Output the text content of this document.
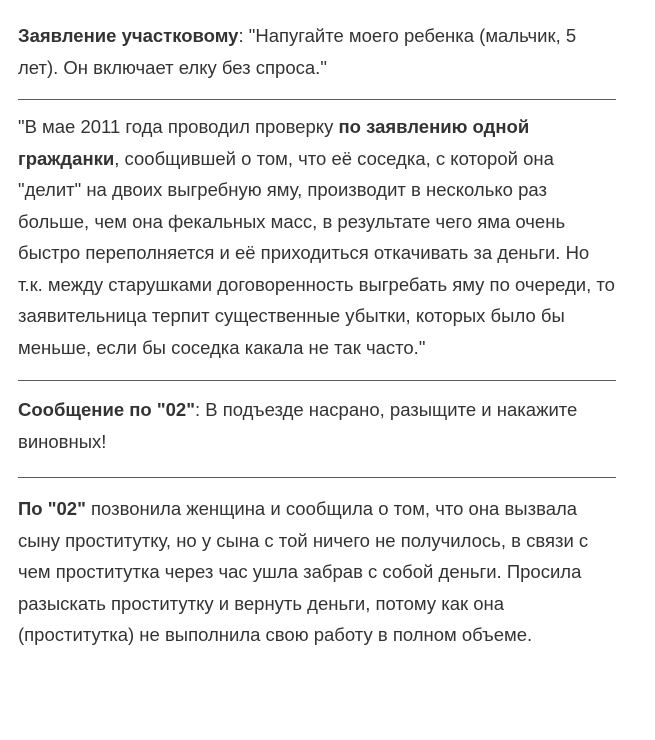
Заявление участковому: "Напугайте моего ребенка (мальчик, 5 лет). Он включает елку без спроса."

"В мае 2011 года проводил проверку по заявлению одной гражданки, сообщившей о том, что её соседка, с которой она "делит" на двоих выгребную яму, производит в несколько раз больше, чем она фекальных масс, в результате чего яма очень быстро переполняется и её приходиться откачивать за деньги. Но т.к. между старушками договоренность выгребать яму по очереди, то заявительница терпит существенные убытки, которых было бы меньше, если бы соседка какала не так часто."

Сообщение по "02": В подъезде насрано, разыщите и накажите виновных!

По "02" позвонила женщина и сообщила о том, что она вызвала сыну проститутку, но у сына с той ничего не получилось, в связи с чем проститутка через час ушла забрав с собой деньги. Просила разыскать проститутку и вернуть деньги, потому как она (проститутка) не выполнила свою работу в полном объеме.
